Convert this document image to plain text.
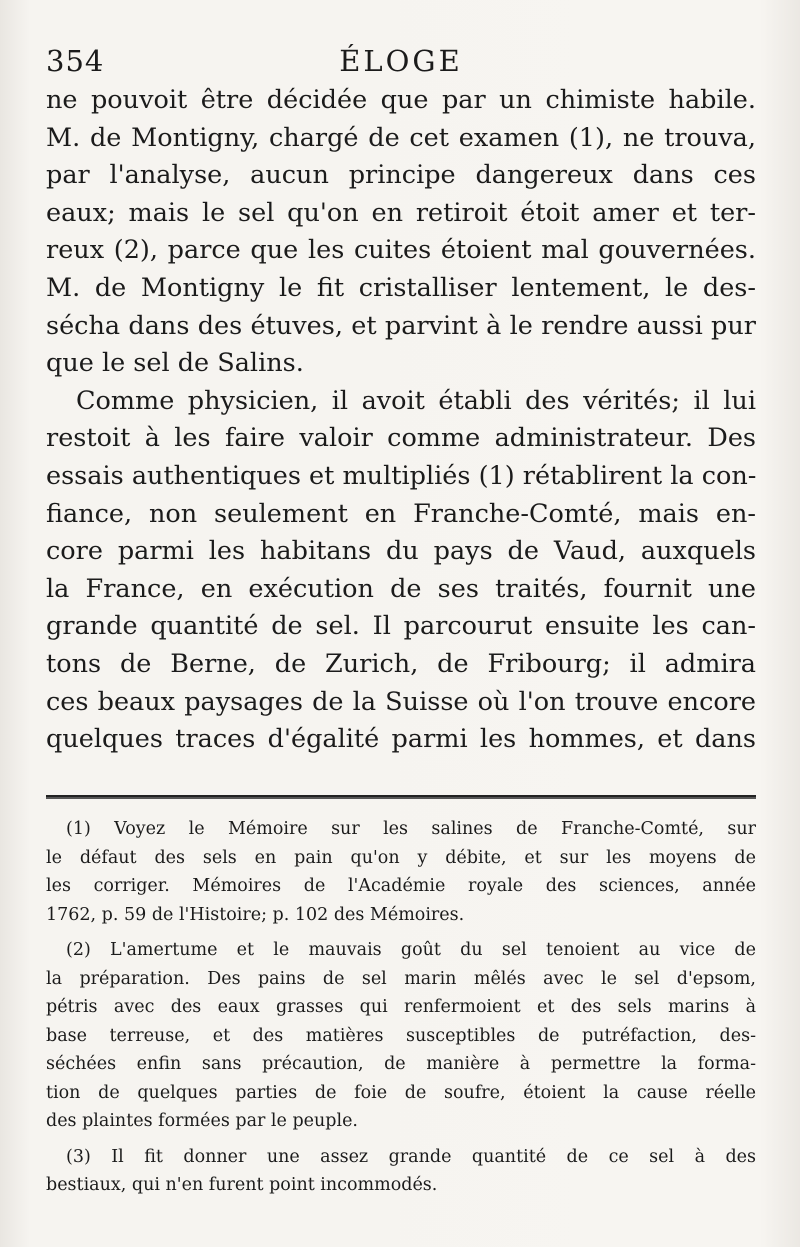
354	ÉLOGE
ne pouvoit être décidée que par un chimiste habile.
M. de Montigny, chargé de cet examen (1), ne trouva,
par l'analyse, aucun principe dangereux dans ces
eaux; mais le sel qu'on en retiroit étoit amer et ter-
reux (2), parce que les cuites étoient mal gouvernées.
M. de Montigny le fit cristalliser lentement, le des-
sécha dans des étuves, et parvint à le rendre aussi pur
que le sel de Salins.
Comme physicien, il avoit établi des vérités; il lui
restoit à les faire valoir comme administrateur. Des
essais authentiques et multipliés (1) rétablirent la con-
fiance, non seulement en Franche-Comté, mais en-
core parmi les habitans du pays de Vaud, auxquels
la France, en exécution de ses traités, fournit une
grande quantité de sel. Il parcourut ensuite les can-
tons de Berne, de Zurich, de Fribourg; il admira
ces beaux paysages de la Suisse où l'on trouve encore
quelques traces d'égalité parmi les hommes, et dans
(1) Voyez le Mémoire sur les salines de Franche-Comté, sur
le défaut des sels en pain qu'on y débite, et sur les moyens de
les corriger. Mémoires de l'Académie royale des sciences, année
1762, p. 59 de l'Histoire; p. 102 des Mémoires.
(2) L'amertume et le mauvais goût du sel tenoient au vice de
la préparation. Des pains de sel marin mêlés avec le sel d'epsom,
pétris avec des eaux grasses qui renfermoient et des sels marins à
base terreuse, et des matières susceptibles de putréfaction, des-
séchées enfin sans précaution, de manière à permettre la forma-
tion de quelques parties de foie de soufre, étoient la cause réelle
des plaintes formées par le peuple.
(3) Il fit donner une assez grande quantité de ce sel à des
bestiaux, qui n'en furent point incommodés.
